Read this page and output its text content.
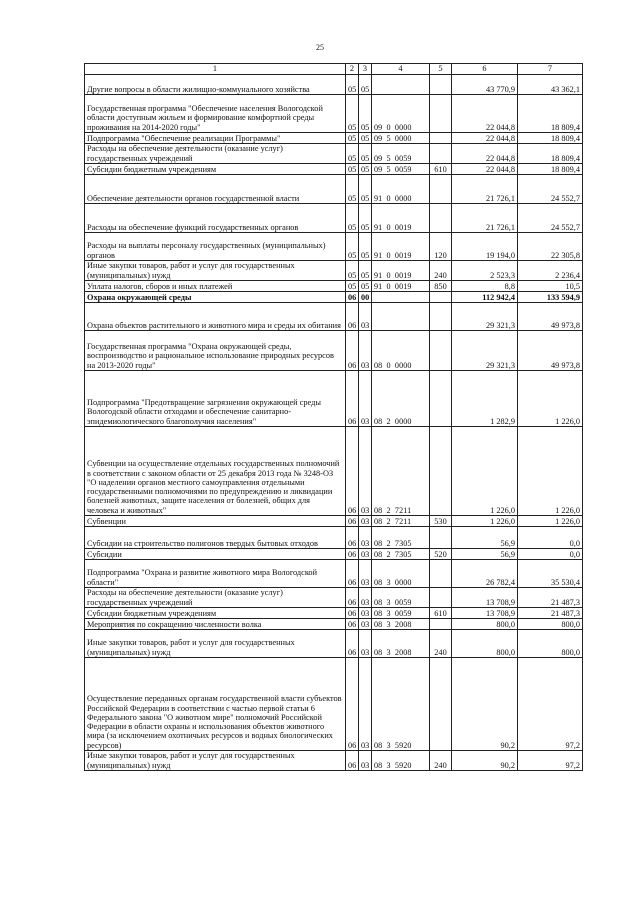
25
1	2	3	4	5	6	7
Другие вопросы в области жилищно-коммунального хозяйства	05	05			43 770,9	43 362,1
Государственная программа "Обеспечение населения Вологодской области доступным жильем и формирование комфортной среды проживания на 2014-2020 годы"	05	05	09  0  0000		22 044,8	18 809,4
Подпрограмма "Обеспечение реализации Программы"	05	05	09  5  0000		22 044,8	18 809,4
Расходы на обеспечение деятельности (оказание услуг) государственных учреждений	05	05	09  5  0059		22 044,8	18 809,4
Субсидии бюджетным учреждениям	05	05	09  5  0059	610	22 044,8	18 809,4
Обеспечение деятельности органов государственной власти	05	05	91  0  0000		21 726,1	24 552,7
Расходы на обеспечение функций государственных органов	05	05	91  0  0019		21 726,1	24 552,7
Расходы на выплаты персоналу государственных (муниципальных) органов	05	05	91  0  0019	120	19 194,0	22 305,8
Иные закупки товаров, работ и услуг для государственных (муниципальных) нужд	05	05	91  0  0019	240	2 523,3	2 236,4
Уплата налогов, сборов и иных платежей	05	05	91  0  0019	850	8,8	10,5
Охрана окружающей среды	06	00			112 942,4	133 594,9
Охрана объектов растительного и животного мира и среды их обитания	06	03			29 321,3	49 973,8
Государственная программа "Охрана окружающей среды, воспроизводство и рациональное использование природных ресурсов на 2013-2020 годы"	06	03	08  0  0000		29 321,3	49 973,8
Подпрограмма "Предотвращение загрязнения окружающей среды Вологодской области отходами и обеспечение санитарно-эпидемиологического благополучия населения"	06	03	08  2  0000		1 282,9	1 226,0
Субвенции на осуществление отдельных государственных полномочий в соответствии с законом области от 25 декабря 2013 года № 3248-ОЗ "О наделении органов местного самоуправления отдельными государственными полномочиями по предупреждению и ликвидации болезней животных, защите населения от болезней, общих для человека и животных"	06	03	08  2  7211		1 226,0	1 226,0
Субвенции	06	03	08  2  7211	530	1 226,0	1 226,0
Субсидии на строительство полигонов твердых бытовых отходов	06	03	08  2  7305		56,9	0,0
Субсидии	06	03	08  2  7305	520	56,9	0,0
Подпрограмма "Охрана и развитие животного мира Вологодской области"	06	03	08  3  0000		26 782,4	35 530,4
Расходы на обеспечение деятельности (оказание услуг) государственных учреждений	06	03	08  3  0059		13 708,9	21 487,3
Субсидии бюджетным учреждениям	06	03	08  3  0059	610	13 708,9	21 487,3
Мероприятия по сокращению численности волка	06	03	08  3  2008		800,0	800,0
Иные закупки товаров, работ и услуг для государственных (муниципальных) нужд	06	03	08  3  2008	240	800,0	800,0
Осуществление переданных органам государственной власти субъектов Российской Федерации в соответствии с частью первой статьи 6 Федерального закона "О животном мире" полномочий Российской Федерации в области охраны и использования объектов животного мира (за исключением охотничьих ресурсов и водных биологических ресурсов)	06	03	08  3  5920		90,2	97,2
Иные закупки товаров, работ и услуг для государственных (муниципальных) нужд	06	03	08  3  5920	240	90,2	97,2
